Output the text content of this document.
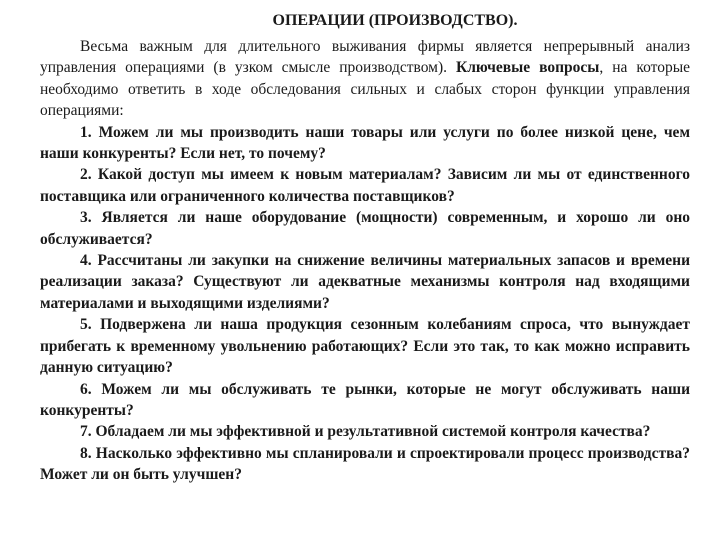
ОПЕРАЦИИ (ПРОИЗВОДСТВО).

Весьма важным для длительного выживания фирмы является непрерывный анализ управления операциями (в узком смысле производством). Ключевые вопросы, на которые необходимо ответить в ходе обследования сильных и слабых сторон функции управления операциями:

1. Можем ли мы производить наши товары или услуги по более низкой цене, чем наши конкуренты? Если нет, то почему?

2. Какой доступ мы имеем к новым материалам? Зависим ли мы от единственного поставщика или ограниченного количества поставщиков?

3. Является ли наше оборудование (мощности) современным, и хорошо ли оно обслуживается?

4. Рассчитаны ли закупки на снижение величины материальных запасов и времени реализации заказа? Существуют ли адекватные механизмы контроля над входящими материалами и выходящими изделиями?

5. Подвержена ли наша продукция сезонным колебаниям спроса, что вынуждает прибегать к временному увольнению работающих? Если это так, то как можно исправить данную ситуацию?

6. Можем ли мы обслуживать те рынки, которые не могут обслуживать наши конкуренты?

7. Обладаем ли мы эффективной и результативной системой контроля качества?

8. Насколько эффективно мы спланировали и спроектировали процесс производства? Может ли он быть улучшен?
